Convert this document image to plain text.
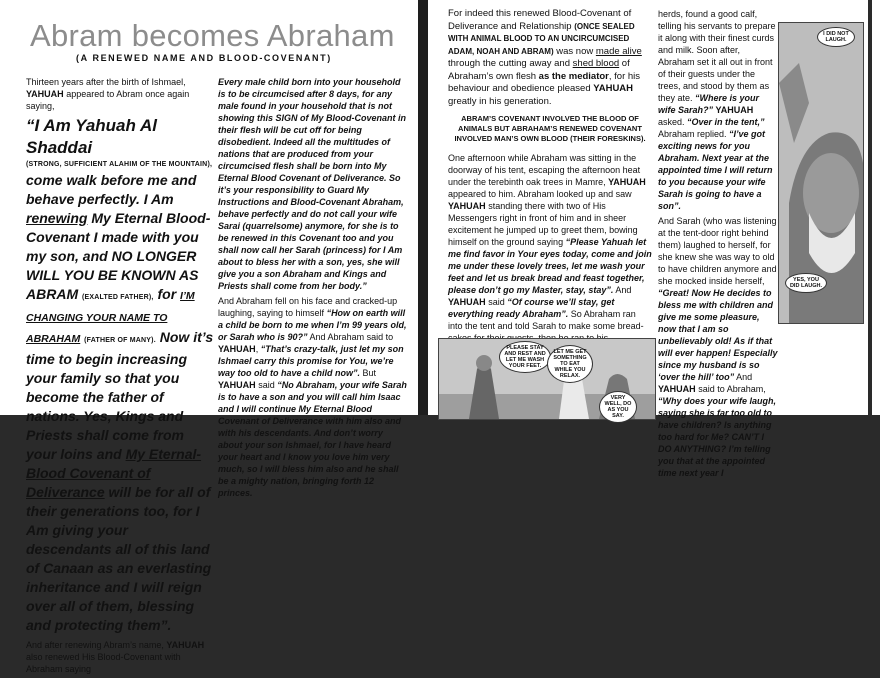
Abram becomes Abraham
(A RENEWED NAME AND BLOOD-COVENANT)

Thirteen years after the birth of Ishmael,
YAHUAH appeared to Abram once again saying,

“I Am Yahuah Al Shaddai
(STRONG, SUFFICIENT ALAHIM OF THE MOUNTAIN),
come walk before me and behave perfectly. I Am renewing My Eternal Blood-Covenant I made with you my son, and NO LONGER WILL YOU BE KNOWN AS ABRAM (EXALTED FATHER), for I’M CHANGING YOUR NAME TO ABRAHAM (FATHER OF MANY). Now it’s time to begin increasing your family so that you become the father of nations. Yes, Kings and Priests shall come from your loins and My Eternal-Blood Covenant of Deliverance will be for all of their generations too, for I Am giving your descendants all of this land of Canaan as an everlasting inheritance and I will reign over all of them, blessing and protecting them”.

And after renewing Abram’s name, YAHUAH also renewed His Blood-Covenant with Abraham saying

Every male child born into your household is to be circumcised after 8 days, for any male found in your household that is not showing this SIGN of My Blood-Covenant in their flesh will be cut off for being disobedient. Indeed all the multitudes of nations that are produced from your circumcised flesh shall be born into My Eternal Blood Covenant of Deliverance. So it’s your responsibility to Guard My Instructions and Blood-Covenant Abraham, behave perfectly and do not call your wife Sarai (quarrelsome) anymore, for she is to be renewed in this Covenant too and you shall now call her Sarah (princess) for I Am about to bless her with a son, yes, she will give you a son Abraham and Kings and Priests shall come from her body.”

And Abraham fell on his face and cracked-up laughing, saying to himself “How on earth will a child be born to me when I’m 99 years old, or Sarah who is 90?” And Abraham said to YAHUAH, “That’s crazy-talk, just let my son Ishmael carry this promise for You, we’re way too old to have a child now”. But YAHUAH said “No Abraham, your wife Sarah is to have a son and you will call him Isaac and I will continue My Eternal Blood Covenant of Deliverance with him also and with his descendants. And don’t worry about your son Ishmael, for I have heard your heart and I know you love him very much, so I will bless him also and he shall be a mighty nation, bringing forth 12 princes.

For indeed this renewed Blood-Covenant of Deliverance and Relationship (ONCE SEALED WITH ANIMAL BLOOD TO AN UNCIRCUMCISED ADAM, NOAH AND ABRAM) was now made alive through the cutting away and shed blood of Abraham’s own flesh as the mediator, for his behaviour and obedience pleased YAHUAH greatly in his generation.

ABRAM’S COVENANT INVOLVED THE BLOOD OF ANIMALS BUT ABRAHAM’S RENEWED COVENANT INVOLVED MAN’S OWN BLOOD (THEIR FORESKINS).

One afternoon while Abraham was sitting in the doorway of his tent, escaping the afternoon heat under the terebinth oak trees in Mamre, YAHUAH appeared to him. Abraham looked up and saw YAHUAH standing there with two of His Messengers right in front of him and in sheer excitement he jumped up to greet them, bowing himself on the ground saying “Please Yahuah let me find favor in Your eyes today, come and join me under these lovely trees, let me wash your feet and let us break bread and feast together, please don’t go my Master, stay, stay”. And YAHUAH said “Of course we’ll stay, get everything ready Abraham”. So Abraham ran into the tent and told Sarah to make some bread-

herds, found a good calf, telling his servants to prepare it along with their finest curds and milk. Soon after, Abraham set it all out in front of their guests under the trees, and stood by them as they ate. “Where is your wife Sarah?” YAHUAH asked. “Over in the tent,” Abraham replied. “I’ve got exciting news for you Abraham. Next year at the appointed time I will return to you because your wife Sarah is going to have a son”.

And Sarah (who was listening at the tent-door right behind them) laughed to herself, for she knew she was way to old to have children anymore and she mocked inside herself, “Great! Now He decides to bless me with children and give me some pleasure, now that I am so unbelievably old! As if that will ever happen! Especially since my husband is so ‘over the hill’ too” And YAHUAH said to Abraham, “Why does your wife laugh, saying she is far too old to have children? Is anything too hard for Me? CAN’T I DO ANYTHING? I’m telling you that at the appointed time next year I

I DID NOT LAUGH.
YES, YOU DID LAUGH.
PLEASE STAY AND REST AND LET ME WASH YOUR FEET.
LET ME GET SOMETHING TO EAT WHILE YOU RELAX.
VERY WELL, DO AS YOU SAY.
